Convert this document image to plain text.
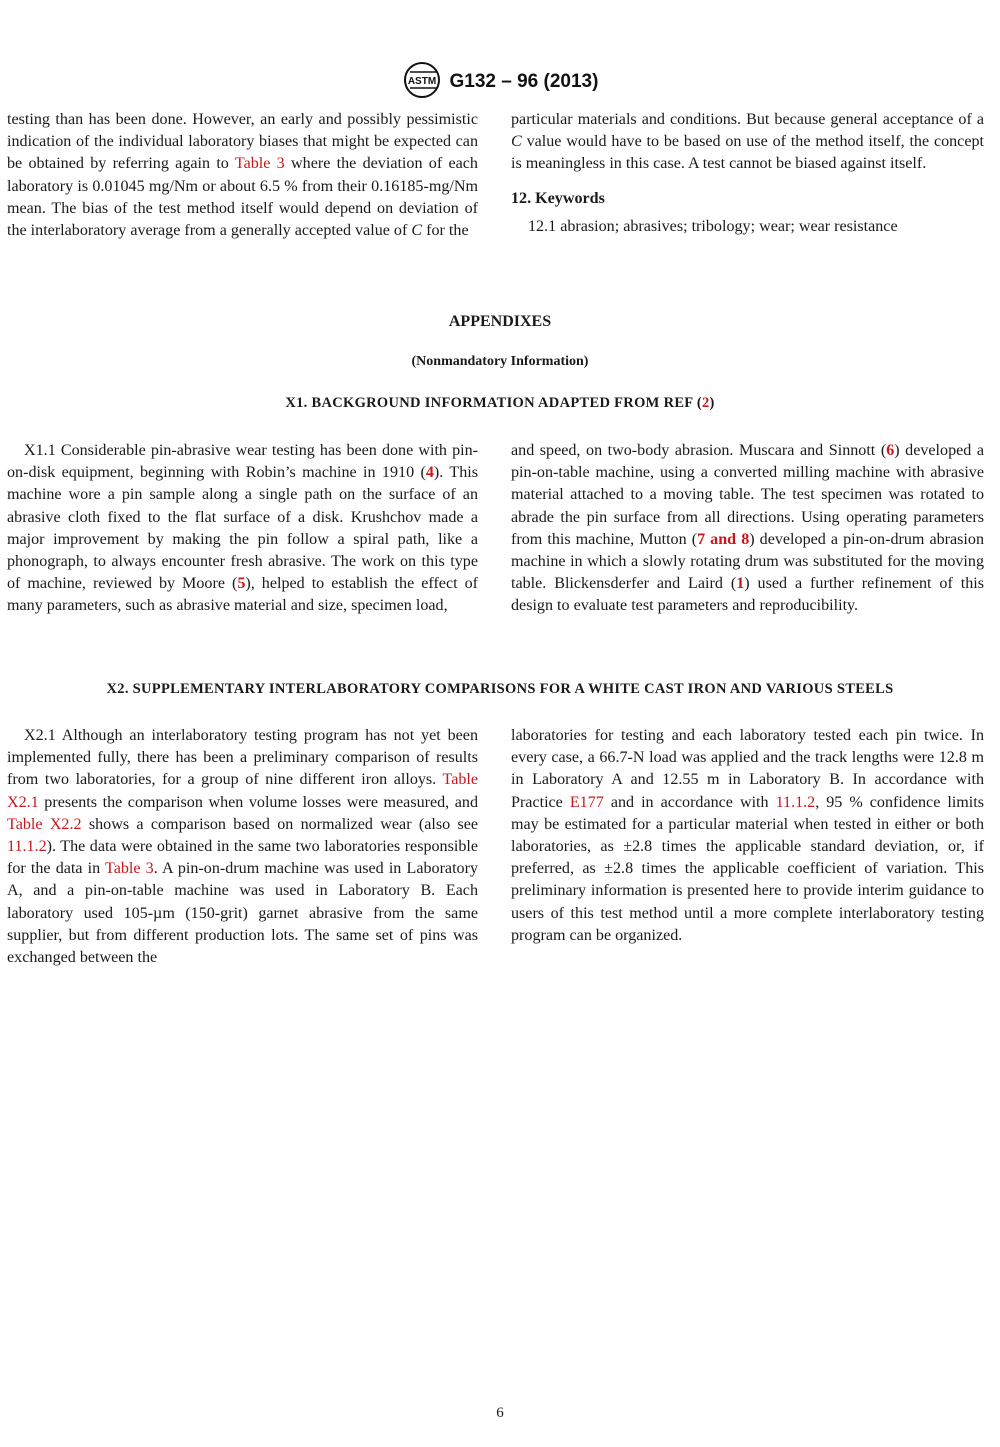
ASTM G132 – 96 (2013)

testing than has been done. However, an early and possibly pessimistic indication of the individual laboratory biases that might be expected can be obtained by referring again to Table 3 where the deviation of each laboratory is 0.01045 mg/Nm or about 6.5 % from their 0.16185-mg/Nm mean. The bias of the test method itself would depend on deviation of the interlaboratory average from a generally accepted value of C for the

particular materials and conditions. But because general acceptance of a C value would have to be based on use of the method itself, the concept is meaningless in this case. A test cannot be biased against itself.

12. Keywords

12.1 abrasion; abrasives; tribology; wear; wear resistance

APPENDIXES
(Nonmandatory Information)
X1. BACKGROUND INFORMATION ADAPTED FROM REF (2)

X1.1 Considerable pin-abrasive wear testing has been done with pin-on-disk equipment, beginning with Robin’s machine in 1910 (4). This machine wore a pin sample along a single path on the surface of an abrasive cloth fixed to the flat surface of a disk. Krushchov made a major improvement by making the pin follow a spiral path, like a phonograph, to always encounter fresh abrasive. The work on this type of machine, reviewed by Moore (5), helped to establish the effect of many parameters, such as abrasive material and size, specimen load,

and speed, on two-body abrasion. Muscara and Sinnott (6) developed a pin-on-table machine, using a converted milling machine with abrasive material attached to a moving table. The test specimen was rotated to abrade the pin surface from all directions. Using operating parameters from this machine, Mutton (7 and 8) developed a pin-on-drum abrasion machine in which a slowly rotating drum was substituted for the moving table. Blickensderfer and Laird (1) used a further refinement of this design to evaluate test parameters and reproducibility.

X2. SUPPLEMENTARY INTERLABORATORY COMPARISONS FOR A WHITE CAST IRON AND VARIOUS STEELS

X2.1 Although an interlaboratory testing program has not yet been implemented fully, there has been a preliminary comparison of results from two laboratories, for a group of nine different iron alloys. Table X2.1 presents the comparison when volume losses were measured, and Table X2.2 shows a comparison based on normalized wear (also see 11.1.2). The data were obtained in the same two laboratories responsible for the data in Table 3. A pin-on-drum machine was used in Laboratory A, and a pin-on-table machine was used in Laboratory B. Each laboratory used 105-µm (150-grit) garnet abrasive from the same supplier, but from different production lots. The same set of pins was exchanged between the

laboratories for testing and each laboratory tested each pin twice. In every case, a 66.7-N load was applied and the track lengths were 12.8 m in Laboratory A and 12.55 m in Laboratory B. In accordance with Practice E177 and in accordance with 11.1.2, 95 % confidence limits may be estimated for a particular material when tested in either or both laboratories, as ±2.8 times the applicable standard deviation, or, if preferred, as ±2.8 times the applicable coefficient of variation. This preliminary information is presented here to provide interim guidance to users of this test method until a more complete interlaboratory testing program can be organized.

6
